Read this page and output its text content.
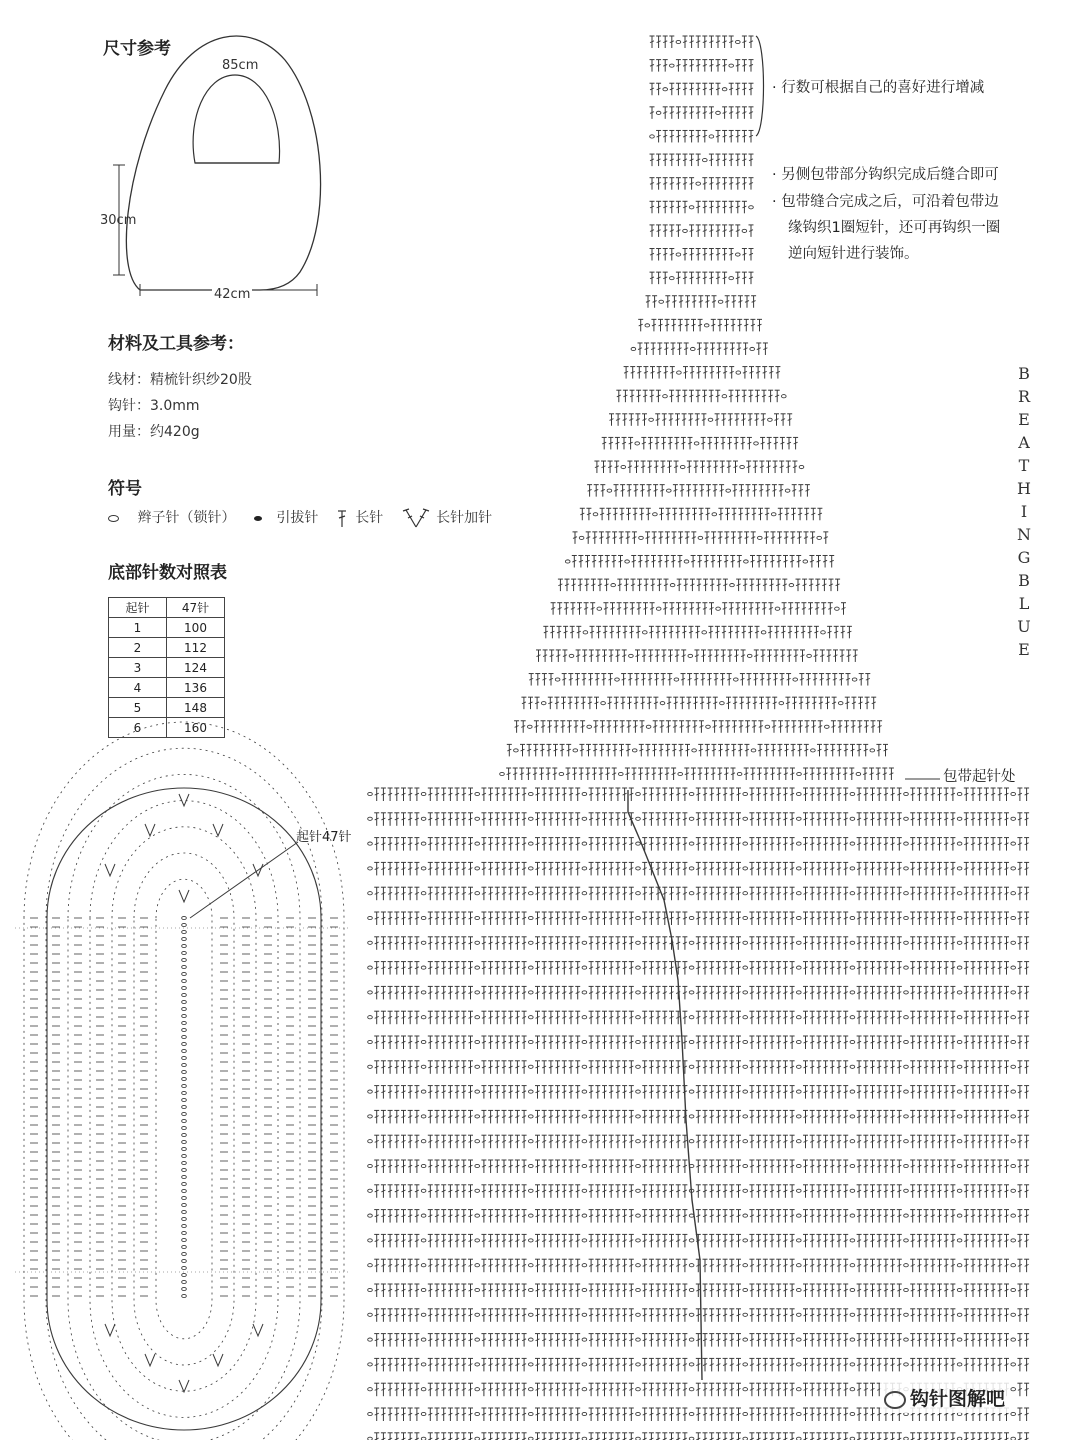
尺寸参考
85cm
30cm
42cm
材料及工具参考：
线材：精梳针织纱20股
钩针：3.0mm
用量：约420g
符号
辫子针（锁针）	引拔针	长针	长针加针
底部针数对照表
起针	47针
1	100
2	112
3	124
4	136
5	148
6	160
· 行数可根据自己的喜好进行增减
· 另侧包带部分钩织完成后缝合即可
· 包带缝合完成之后，可沿着包带边
缘钩织1圈短针，还可再钩织一圈
逆向短针进行装饰。
B
R
E
A
T
H
I
N
G
B
L
U
E
包带起针处
起针47针
钩针图解吧
